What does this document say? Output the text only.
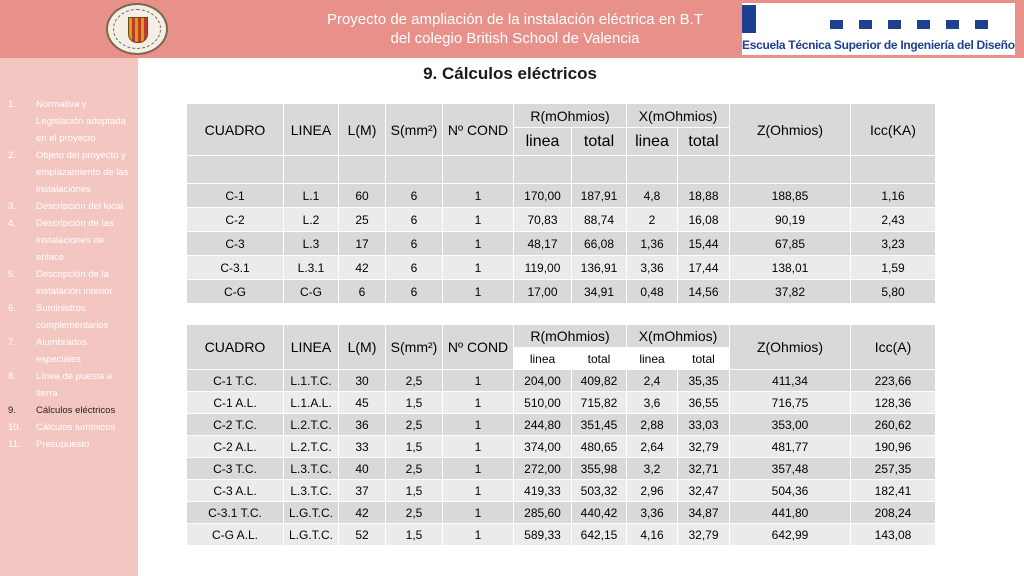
Proyecto de ampliación de la instalación eléctrica en B.T
del colegio British School de Valencia	Escuela Técnica Superior de Ingeniería del Diseño
1. Normativa y Legislación adoptada en el proyecto
2. Objeto del proyecto y emplazamiento de las instalaciones
3. Descripción del local
4. Descripción de las instalaciones de enlace
5. Descripción de la instalación interior
6. Suministros complementarios
7. Alumbrados especiales
8. Línea de puesta a tierra
9. Cálculos eléctricos
10. Cálculos lumínicos
11. Presupuesto
9. Cálculos eléctricos
CUADRO	LINEA	L(M)	S(mm²)	Nº COND	R(mOhmios)		X(mOhmios)		Z(Ohmios)	Icc(KA)
					linea	total	linea	total		

C-1	L.1	60	6	1	170,00	187,91	4,8	18,88	188,85	1,16
C-2	L.2	25	6	1	70,83	88,74	2	16,08	90,19	2,43
C-3	L.3	17	6	1	48,17	66,08	1,36	15,44	67,85	3,23
C-3.1	L.3.1	42	6	1	119,00	136,91	3,36	17,44	138,01	1,59
C-G	C-G	6	6	1	17,00	34,91	0,48	14,56	37,82	5,80
CUADRO	LINEA	L(M)	S(mm²)	Nº COND	R(mOhmios)		X(mOhmios)		Z(Ohmios)	Icc(A)
					linea	total	linea	total		
C-1 T.C.	L.1.T.C.	30	2,5	1	204,00	409,82	2,4	35,35	411,34	223,66
C-1 A.L.	L.1.A.L.	45	1,5	1	510,00	715,82	3,6	36,55	716,75	128,36
C-2 T.C.	L.2.T.C.	36	2,5	1	244,80	351,45	2,88	33,03	353,00	260,62
C-2 A.L.	L.2.T.C.	33	1,5	1	374,00	480,65	2,64	32,79	481,77	190,96
C-3 T.C.	L.3.T.C.	40	2,5	1	272,00	355,98	3,2	32,71	357,48	257,35
C-3 A.L.	L.3.T.C.	37	1,5	1	419,33	503,32	2,96	32,47	504,36	182,41
C-3.1 T.C.	L.G.T.C.	42	2,5	1	285,60	440,42	3,36	34,87	441,80	208,24
C-G A.L.	L.G.T.C.	52	1,5	1	589,33	642,15	4,16	32,79	642,99	143,08
